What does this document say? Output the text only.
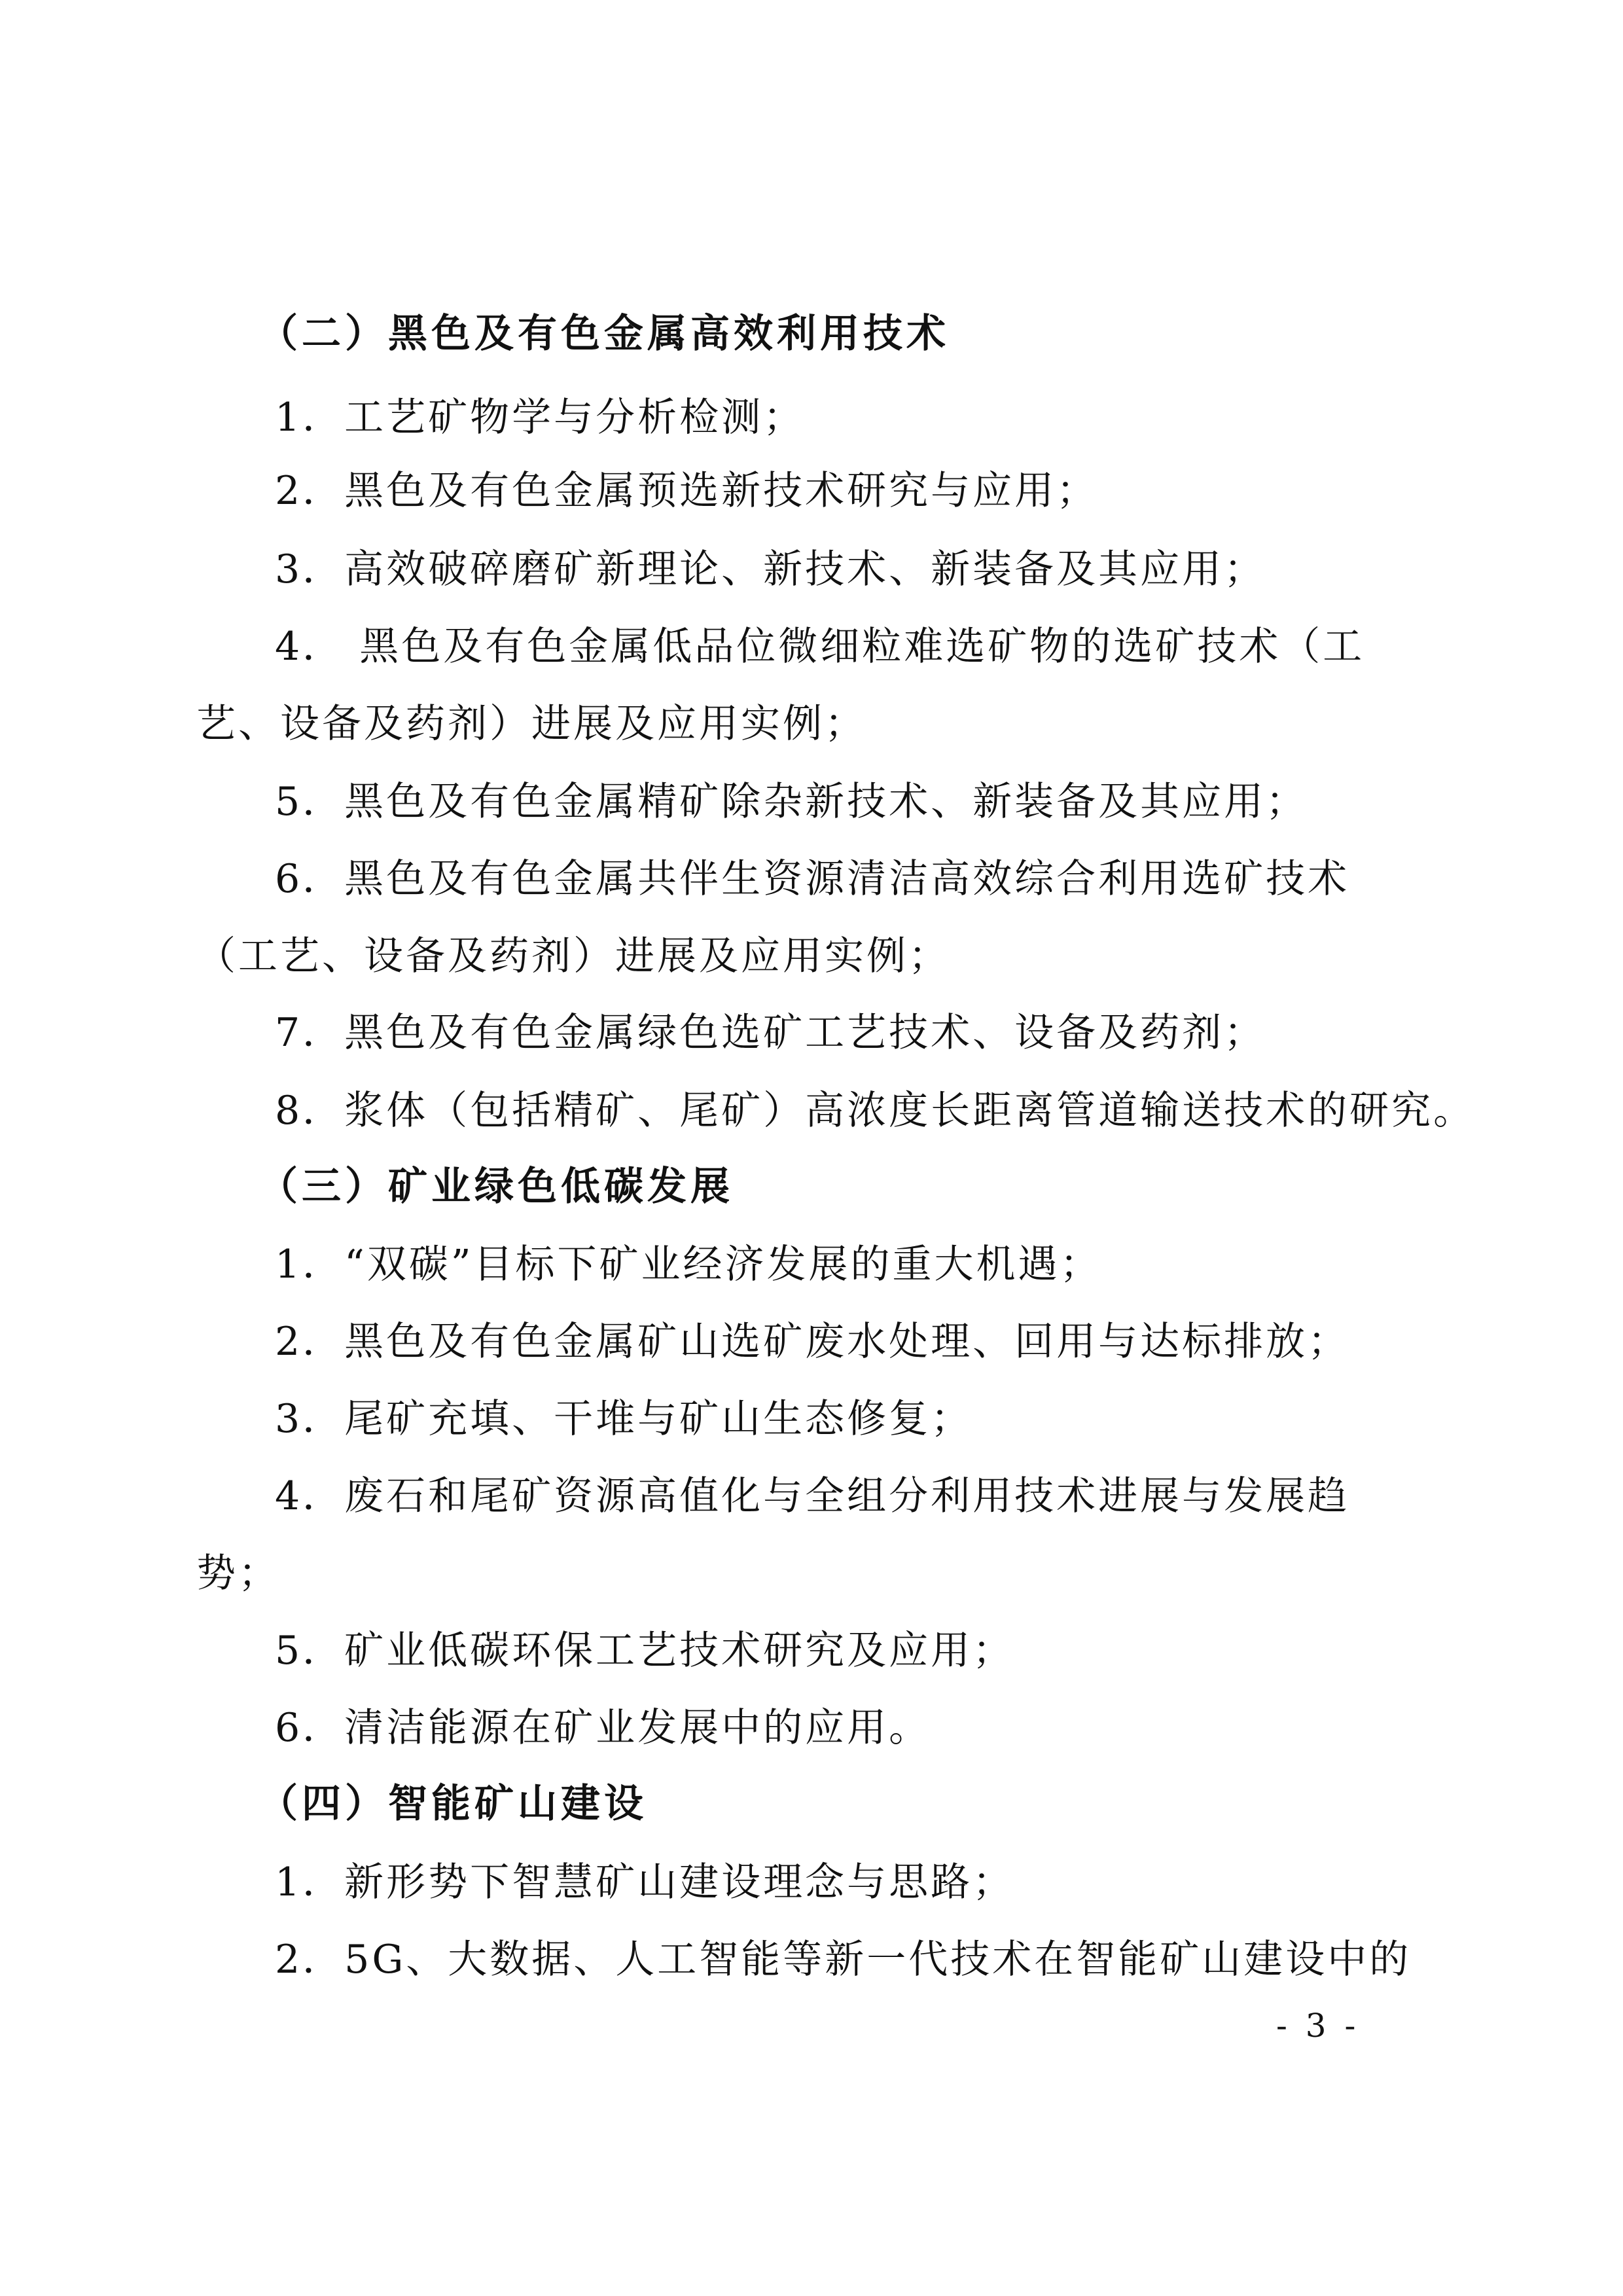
（二）黑色及有色金属高效利用技术
1．工艺矿物学与分析检测；
2．黑色及有色金属预选新技术研究与应用；
3．高效破碎磨矿新理论、新技术、新装备及其应用；
4． 黑色及有色金属低品位微细粒难选矿物的选矿技术（工
艺、设备及药剂）进展及应用实例；
5．黑色及有色金属精矿除杂新技术、新装备及其应用；
6．黑色及有色金属共伴生资源清洁高效综合利用选矿技术
（工艺、设备及药剂）进展及应用实例；
7．黑色及有色金属绿色选矿工艺技术、设备及药剂；
8．浆体（包括精矿、尾矿）高浓度长距离管道输送技术的研究。
（三）矿业绿色低碳发展
1．“双碳”目标下矿业经济发展的重大机遇；
2．黑色及有色金属矿山选矿废水处理、回用与达标排放；
3．尾矿充填、干堆与矿山生态修复；
4．废石和尾矿资源高值化与全组分利用技术进展与发展趋
势；
5．矿业低碳环保工艺技术研究及应用；
6．清洁能源在矿业发展中的应用。
（四）智能矿山建设
1．新形势下智慧矿山建设理念与思路；
2．5G、大数据、人工智能等新一代技术在智能矿山建设中的
- 3 -
